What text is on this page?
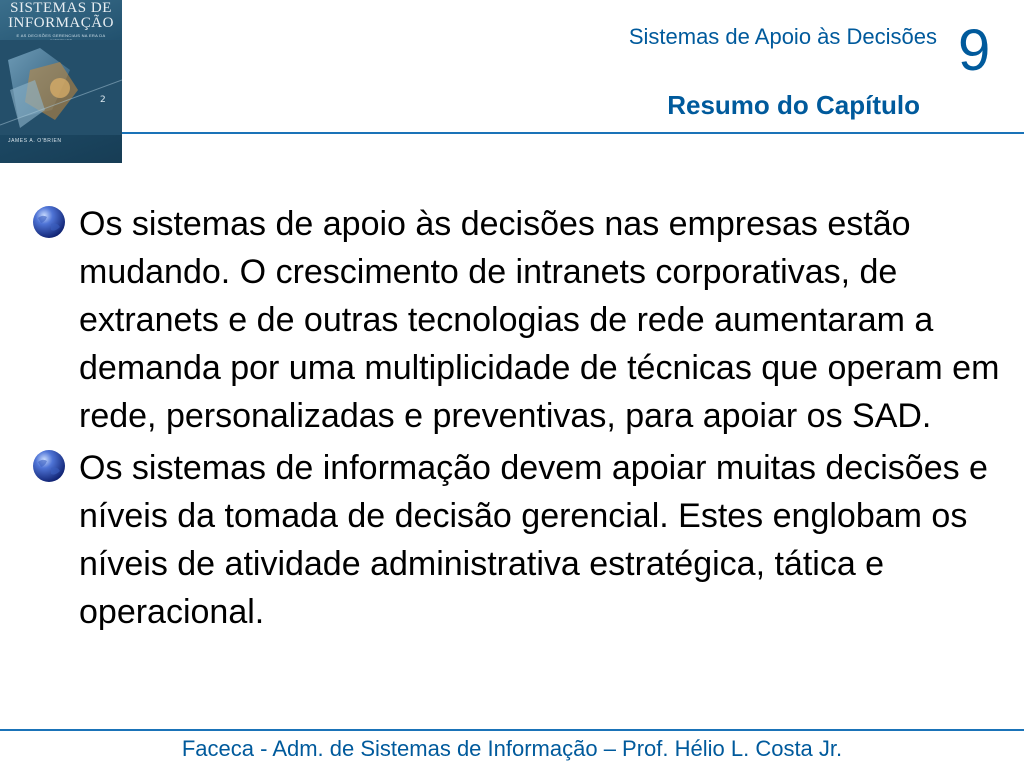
SISTEMAS DE
INFORMAÇÃO
E AS DECISÕES GERENCIAIS NA ERA DA
2
JAMES A. O'BRIEN
Sistemas de Apoio às Decisões 9
Resumo do Capítulo

Os sistemas de apoio às decisões nas empresas estão mudando. O crescimento de intranets corporativas, de extranets e de outras tecnologias de rede aumentaram a demanda por uma multiplicidade de técnicas que operam em rede, personalizadas e preventivas, para apoiar os SAD.

Os sistemas de informação devem apoiar muitas decisões e níveis da tomada de decisão gerencial. Estes englobam os níveis de atividade administrativa estratégica, tática e operacional.

Faceca - Adm. de Sistemas de Informação – Prof. Hélio L. Costa Jr.
